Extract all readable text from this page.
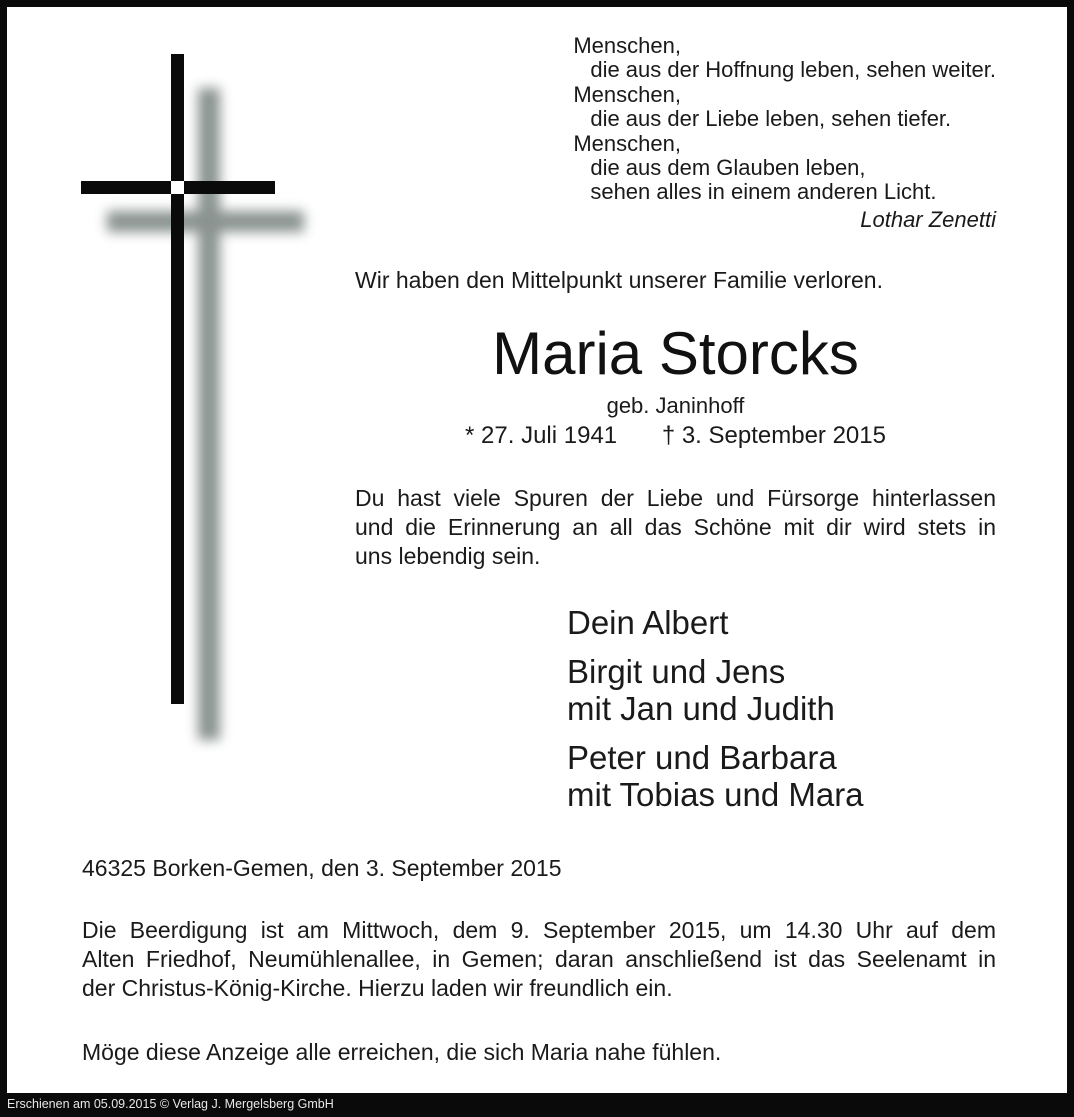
Menschen,
die aus der Hoffnung leben, sehen weiter.
Menschen,
die aus der Liebe leben, sehen tiefer.
Menschen,
die aus dem Glauben leben,
sehen alles in einem anderen Licht.
Lothar Zenetti
Wir haben den Mittelpunkt unserer Familie verloren.
Maria Storcks
geb. Janinhoff
* 27. Juli 1941 † 3. September 2015
Du hast viele Spuren der Liebe und Fürsorge hinterlassen
und die Erinnerung an all das Schöne mit dir wird stets in
uns lebendig sein.
Dein Albert
Birgit und Jens
mit Jan und Judith
Peter und Barbara
mit Tobias und Mara
46325 Borken-Gemen, den 3. September 2015
Die Beerdigung ist am Mittwoch, dem 9. September 2015, um 14.30 Uhr auf dem
Alten Friedhof, Neumühlenallee, in Gemen; daran anschließend ist das Seelenamt in
der Christus-König-Kirche. Hierzu laden wir freundlich ein.
Möge diese Anzeige alle erreichen, die sich Maria nahe fühlen.
Erschienen am 05.09.2015 © Verlag J. Mergelsberg GmbH
